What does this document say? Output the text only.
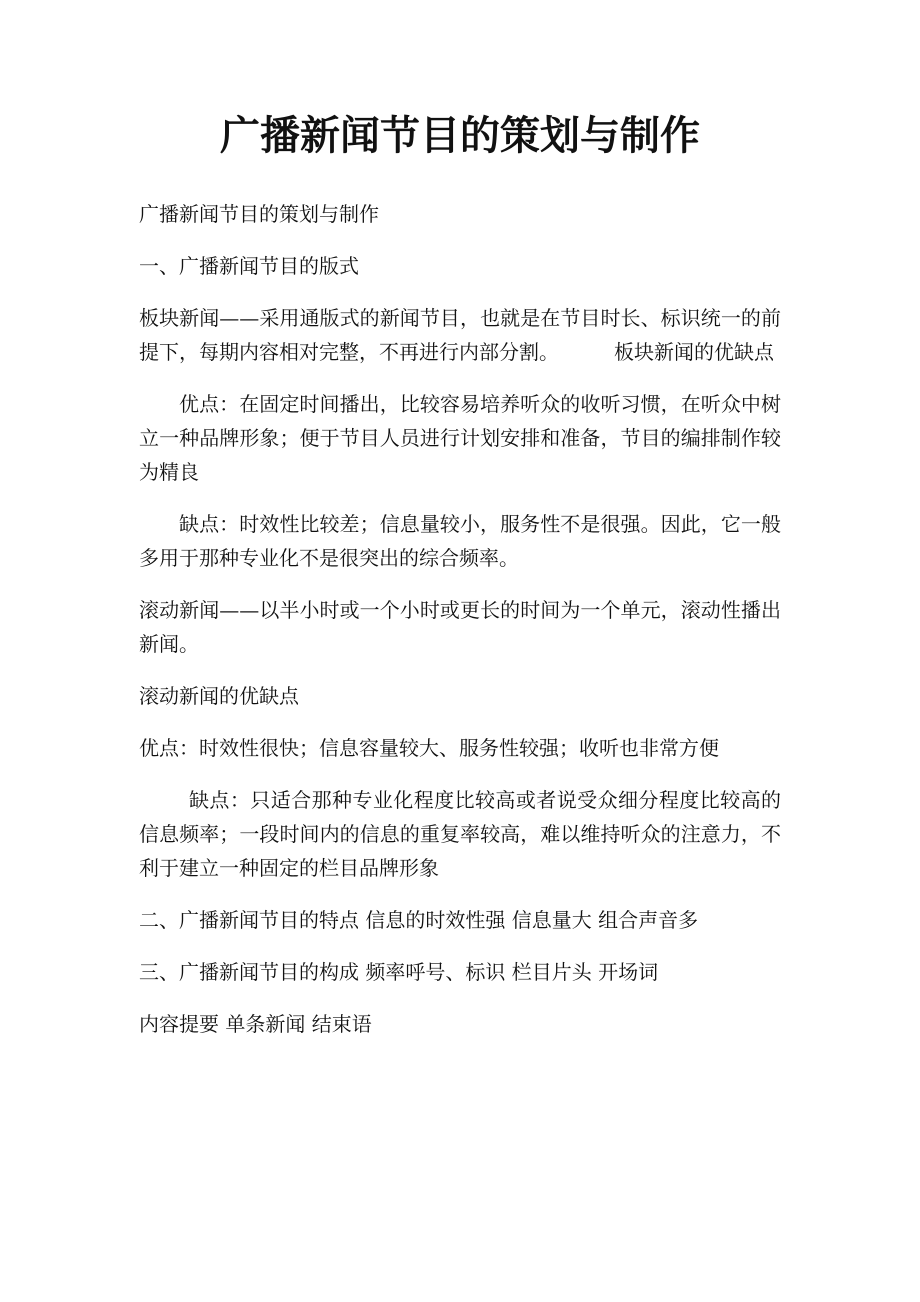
广播新闻节目的策划与制作

广播新闻节目的策划与制作

一、广播新闻节目的版式

板块新闻——采用通版式的新闻节目，也就是在节目时长、标识统一的前提下，每期内容相对完整，不再进行内部分割。	板块新闻的优缺点

优点：在固定时间播出，比较容易培养听众的收听习惯，在听众中树立一种品牌形象；便于节目人员进行计划安排和准备，节目的编排制作较为精良

缺点：时效性比较差；信息量较小，服务性不是很强。因此，它一般多用于那种专业化不是很突出的综合频率。

滚动新闻——以半小时或一个小时或更长的时间为一个单元，滚动性播出新闻。

滚动新闻的优缺点

优点：时效性很快；信息容量较大、服务性较强；收听也非常方便

缺点：只适合那种专业化程度比较高或者说受众细分程度比较高的信息频率；一段时间内的信息的重复率较高，难以维持听众的注意力，不利于建立一种固定的栏目品牌形象

二、广播新闻节目的特点 信息的时效性强 信息量大 组合声音多

三、广播新闻节目的构成 频率呼号、标识 栏目片头 开场词

内容提要 单条新闻 结束语
